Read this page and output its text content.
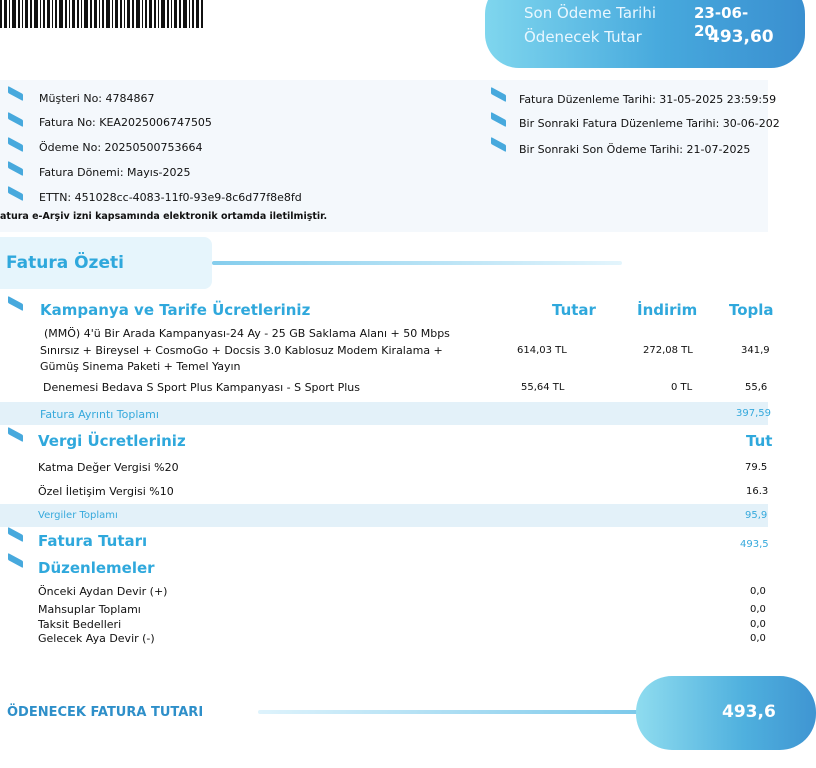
Son Ödeme Tarihi	23-06-20
Ödenecek Tutar	493,60
Müşteri No: 4784867
Fatura No: KEA2025006747505
Ödeme No: 20250500753664
Fatura Dönemi: Mayıs-2025
ETTN: 451028cc-4083-11f0-93e9-8c6d77f8e8fd
Fatura Düzenleme Tarihi: 31-05-2025 23:59:59
Bir Sonraki Fatura Düzenleme Tarihi: 30-06-202
Bir Sonraki Son Ödeme Tarihi: 21-07-2025
atura e-Arşiv izni kapsamında elektronik ortamda iletilmiştir.
Fatura Özeti
Kampanya ve Tarife Ücretleriniz	Tutar	İndirim Topla
(MMÖ) 4'ü Bir Arada Kampanyası-24 Ay - 25 GB Saklama Alanı + 50 Mbps
Sınırsız + Bireysel + CosmoGo + Docsis 3.0 Kablosuz Modem Kiralama +
Gümüş Sinema Paketi + Temel Yayın
614,03 TL	272,08 TL	341,9
Denemesi Bedava S Sport Plus Kampanyası - S Sport Plus	55,64 TL	0 TL	55,6
Fatura Ayrıntı Toplamı	397,59
Vergi Ücretleriniz	Tut
Katma Değer Vergisi %20	79.5
Özel İletişim Vergisi %10	16.3
Vergiler Toplamı	95,9
Fatura Tutarı	493,5
Düzenlemeler
Önceki Aydan Devir (+)	0,0
Mahsuplar Toplamı	0,0
Taksit Bedelleri	0,0
Gelecek Aya Devir (-)	0,0
ÖDENECEK FATURA TUTARI	493,6
